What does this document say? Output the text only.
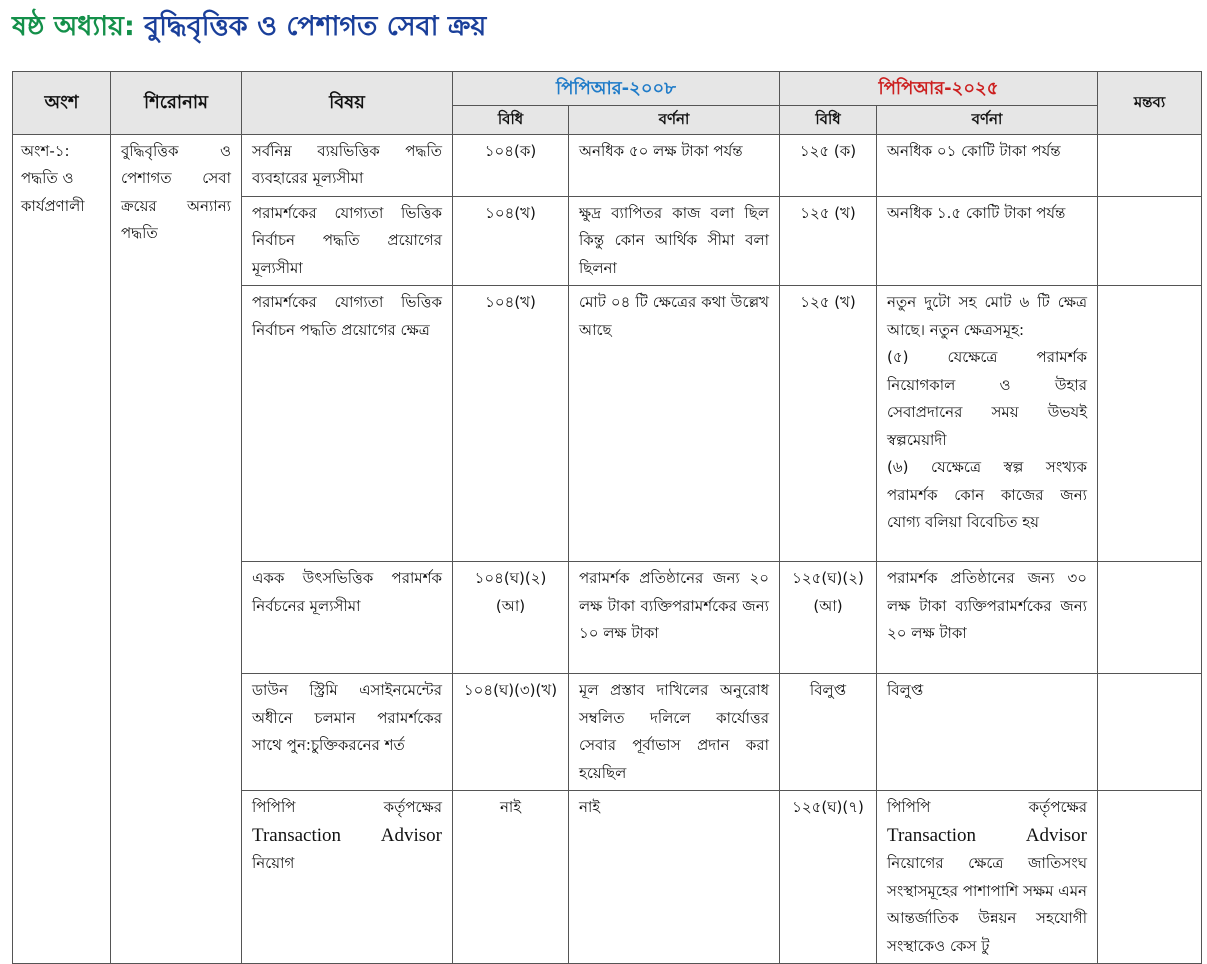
ষষ্ঠ অধ্যায়: বুদ্ধিবৃত্তিক ও পেশাগত সেবা ক্রয়
অংশ	শিরোনাম	বিষয়	পিপিআর-২০০৮		পিপিআর-২০২৫		মন্তব্য
			বিধি	বর্ণনা	বিধি	বর্ণনা	
অংশ-১: পদ্ধতি ও কার্যপ্রণালী	বুদ্ধিবৃত্তিক ও পেশাগত সেবা ক্রয়ের অন্যান্য পদ্ধতি	সর্বনিম্ন ব্যয়ভিত্তিক পদ্ধতি ব্যবহারের মূল্যসীমা	১০৪(ক)	অনধিক ৫০ লক্ষ টাকা পর্যন্ত	১২৫ (ক)	অনধিক ০১ কোটি টাকা পর্যন্ত	
		পরামর্শকের যোগ্যতা ভিত্তিক নির্বাচন পদ্ধতি প্রয়োগের মূল্যসীমা	১০৪(খ)	ক্ষুদ্র ব্যাপিতর কাজ বলা ছিল কিন্তু কোন আর্থিক সীমা বলা ছিলনা	১২৫ (খ)	অনধিক ১.৫ কোটি টাকা পর্যন্ত	
		পরামর্শকের যোগ্যতা ভিত্তিক নির্বাচন পদ্ধতি প্রয়োগের ক্ষেত্র	১০৪(খ)	মোট ০৪ টি ক্ষেত্রের কথা উল্লেখ আছে	১২৫ (খ)	নতুন দুটো সহ মোট ৬ টি ক্ষেত্র আছে। নতুন ক্ষেত্রসমূহ:
(৫) যেক্ষেত্রে পরামর্শক নিয়োগকাল ও উহার সেবাপ্রদানের সময় উভযই স্বল্পমেয়াদী
(৬) যেক্ষেত্রে স্বল্প সংখ্যক পরামর্শক কোন কাজের জন্য যোগ্য বলিয়া বিবেচিত হয়	

		একক উৎসভিত্তিক পরামর্শক নির্বচনের মূল্যসীমা	১০৪(ঘ)(২)(আ)	পরামর্শক প্রতিষ্ঠানের জন্য ২০ লক্ষ টাকা ব্যক্তিপরামর্শকের জন্য ১০ লক্ষ টাকা	১২৫(ঘ)(২)(আ)	পরামর্শক প্রতিষ্ঠানের জন্য ৩০ লক্ষ টাকা ব্যক্তিপরামর্শকের জন্য ২০ লক্ষ টাকা	
		ডাউন স্ট্রিমি এসাইনমেন্টের অধীনে চলমান পরামর্শকের সাথে পুন:চুক্তিকরনের শর্ত	১০৪(ঘ)(৩)(খ)	মূল প্রস্তাব দাখিলের অনুরোধ সম্বলিত দলিলে কার্যোত্তর সেবার পূর্বাভাস প্রদান করা হয়েছিল	বিলুপ্ত	বিলুপ্ত	
		পিপিপি কর্তৃপক্ষের Transaction Advisor নিয়োগ	নাই	নাই	১২৫(ঘ)(৭)	পিপিপি কর্তৃপক্ষের Transaction Advisor নিয়োগের ক্ষেত্রে জাতিসংঘ সংস্থাসমূহের পাশাপাশি সক্ষম এমন আন্তর্জাতিক উন্নয়ন সহযোগী সংস্থাকেও কেস টু	
